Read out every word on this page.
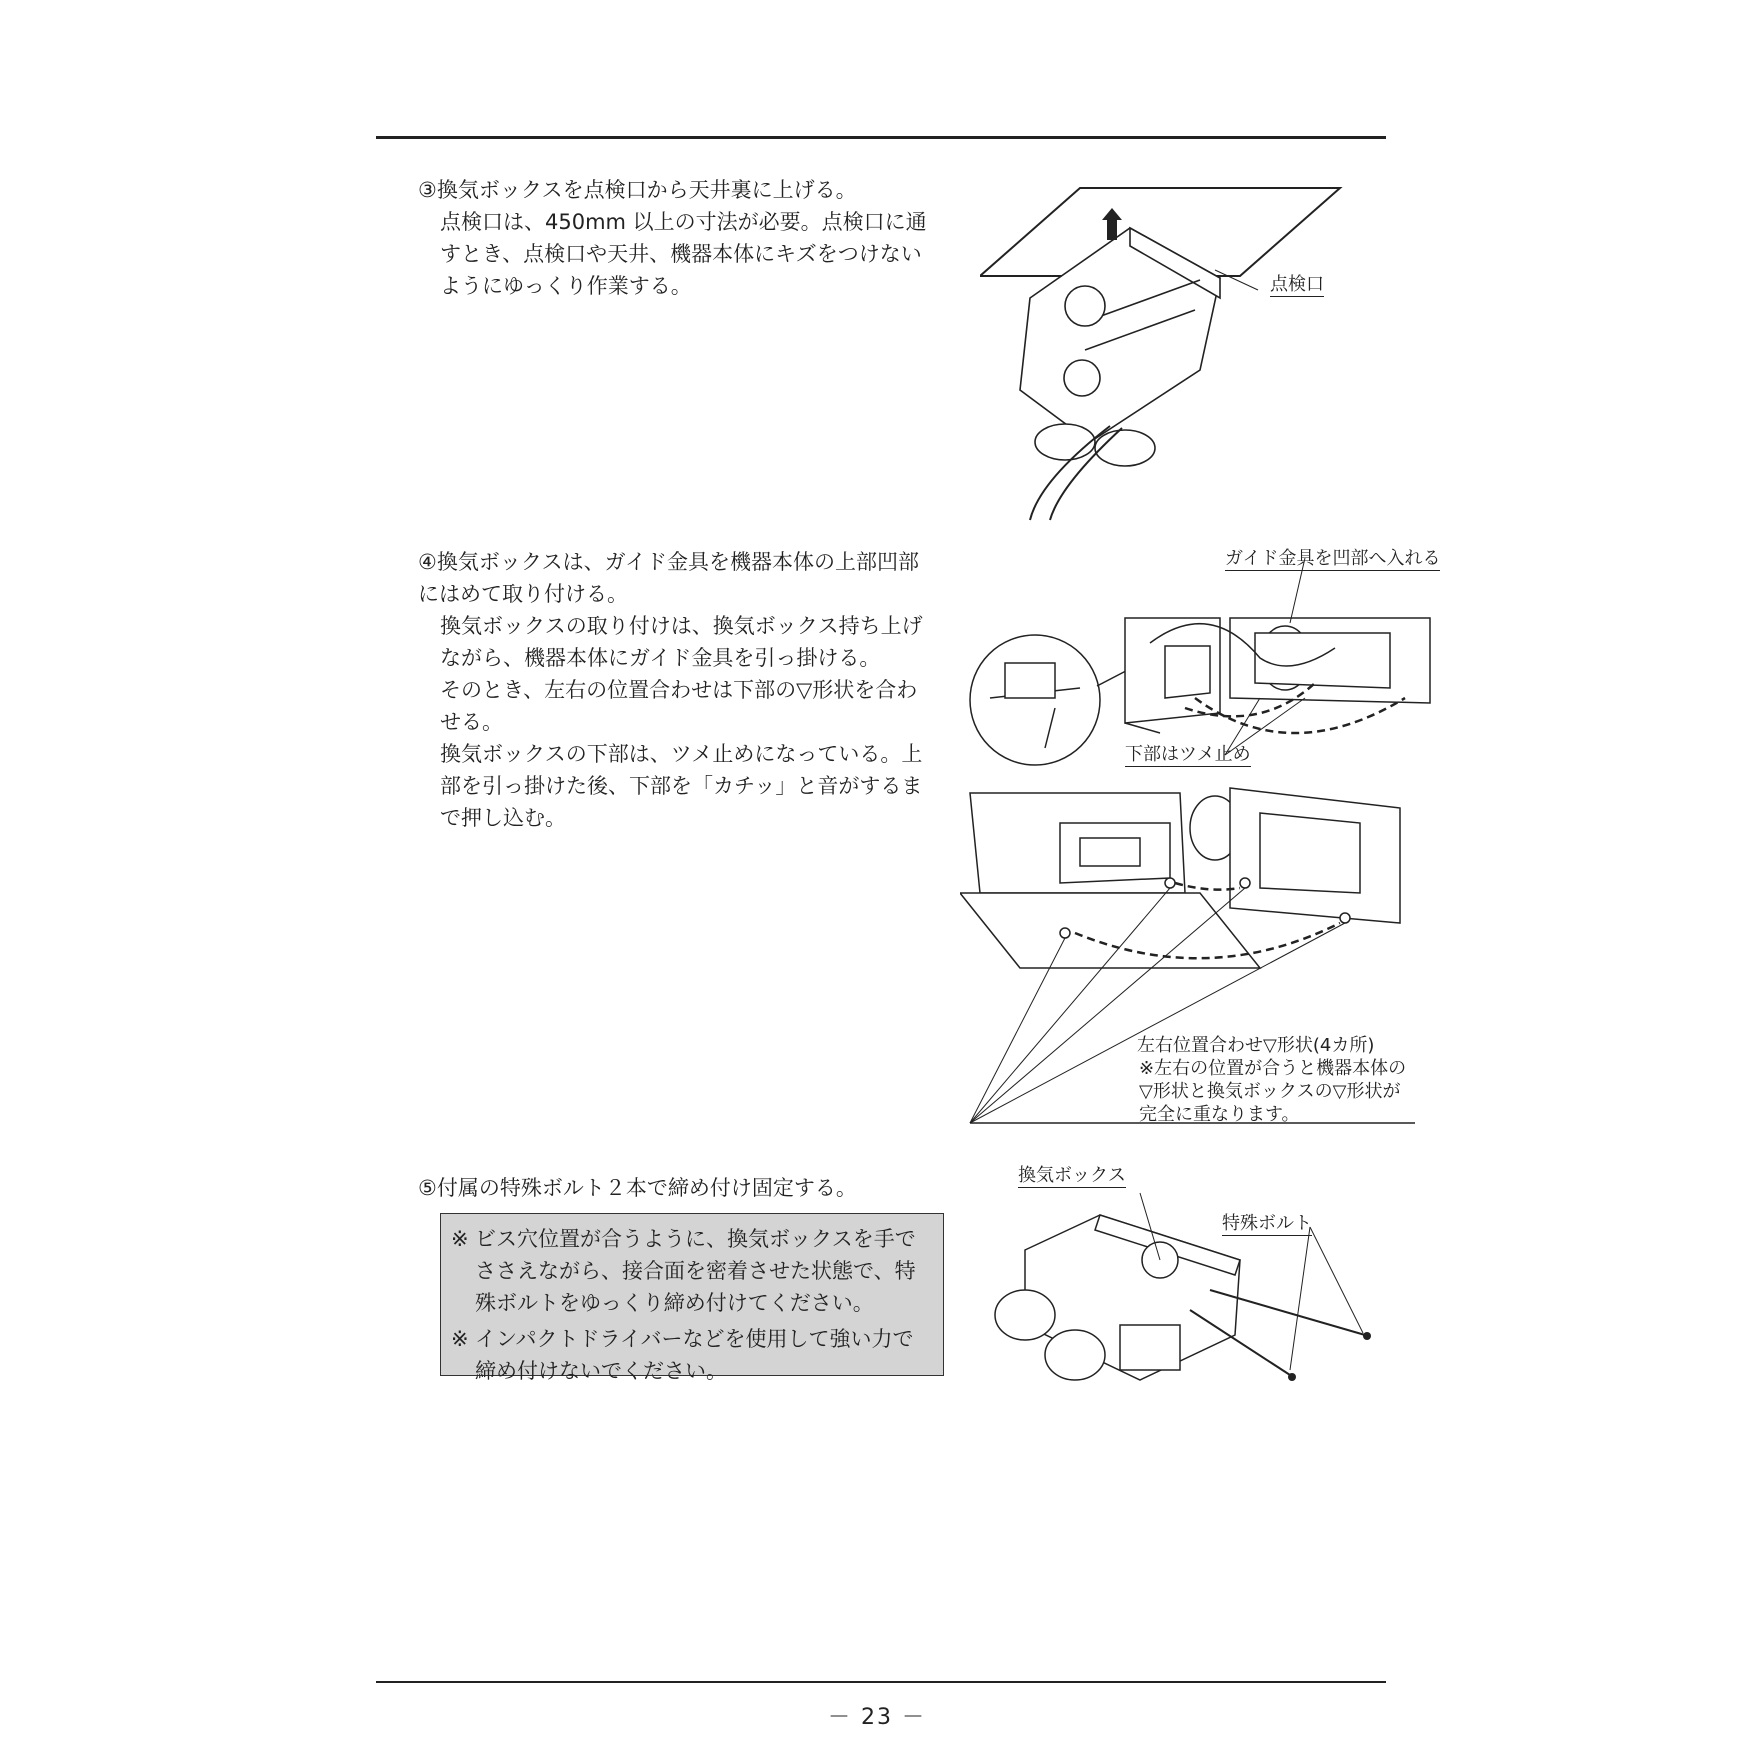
③換気ボックスを点検口から天井裏に上げる。

点検口は、450mm 以上の寸法が必要。点検口に通すとき、点検口や天井、機器本体にキズをつけないようにゆっくり作業する。	点検口

④換気ボックスは、ガイド金具を機器本体の上部凹部にはめて取り付ける。

換気ボックスの取り付けは、換気ボックス持ち上げながら、機器本体にガイド金具を引っ掛ける。

そのとき、左右の位置合わせは下部の▽形状を合わせる。

換気ボックスの下部は、ツメ止めになっている。上部を引っ掛けた後、下部を「カチッ」と音がするまで押し込む。

ガイド金具を凹部へ入れる
下部はツメ止め
左右位置合わせ▽形状(4カ所)
※左右の位置が合うと機器本体の▽形状と換気ボックスの▽形状が完全に重なります。

⑤付属の特殊ボルト２本で締め付け固定する。

※ ビス穴位置が合うように、換気ボックスを手でささえながら、接合面を密着させた状態で、特殊ボルトをゆっくり締め付けてください。
※ インパクトドライバーなどを使用して強い力で締め付けないでください。
換気ボックス
特殊ボルト
－ 23 －
